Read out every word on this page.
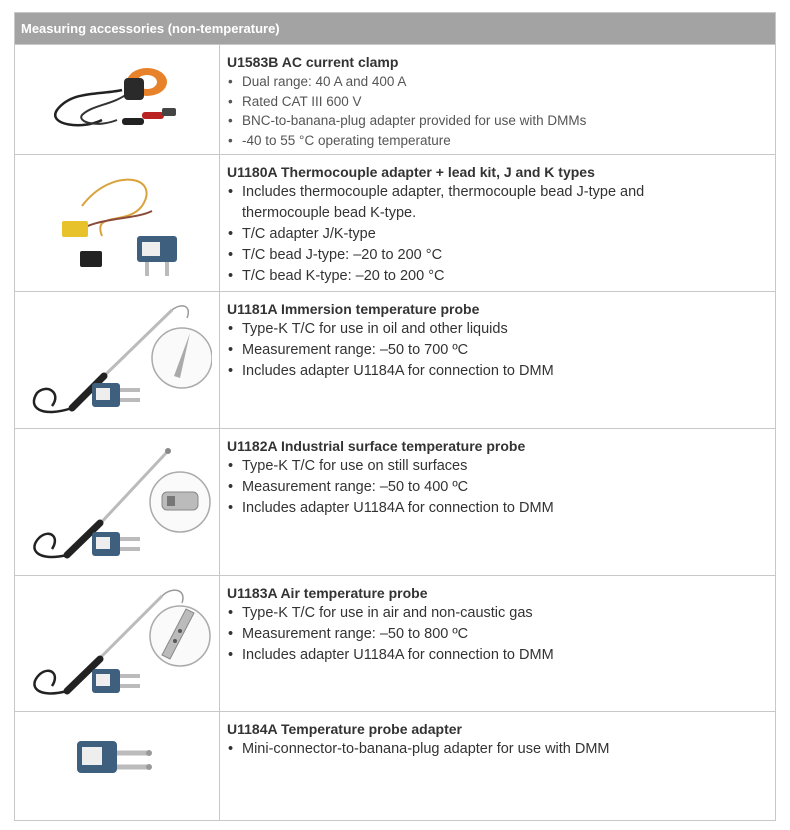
Measuring accessories (non-temperature)
U1583B AC current clamp
• Dual range: 40 A and 400 A
• Rated CAT III 600 V
• BNC-to-banana-plug adapter provided for use with DMMs
• -40 to 55 °C operating temperature
U1180A Thermocouple adapter + lead kit, J and K types
• Includes thermocouple adapter, thermocouple bead J-type and thermocouple bead K-type.
• T/C adapter J/K-type
• T/C bead J-type: –20 to 200 °C
• T/C bead K-type: –20 to 200 °C
U1181A Immersion temperature probe
• Type-K T/C for use in oil and other liquids
• Measurement range: –50 to 700 ºC
• Includes adapter U1184A for connection to DMM
U1182A Industrial surface temperature probe
• Type-K T/C for use on still surfaces
• Measurement range: –50 to 400 ºC
• Includes adapter U1184A for connection to DMM
U1183A Air temperature probe
• Type-K T/C for use in air and non-caustic gas
• Measurement range: –50 to 800 ºC
• Includes adapter U1184A for connection to DMM
U1184A Temperature probe adapter
• Mini-connector-to-banana-plug adapter for use with DMM
